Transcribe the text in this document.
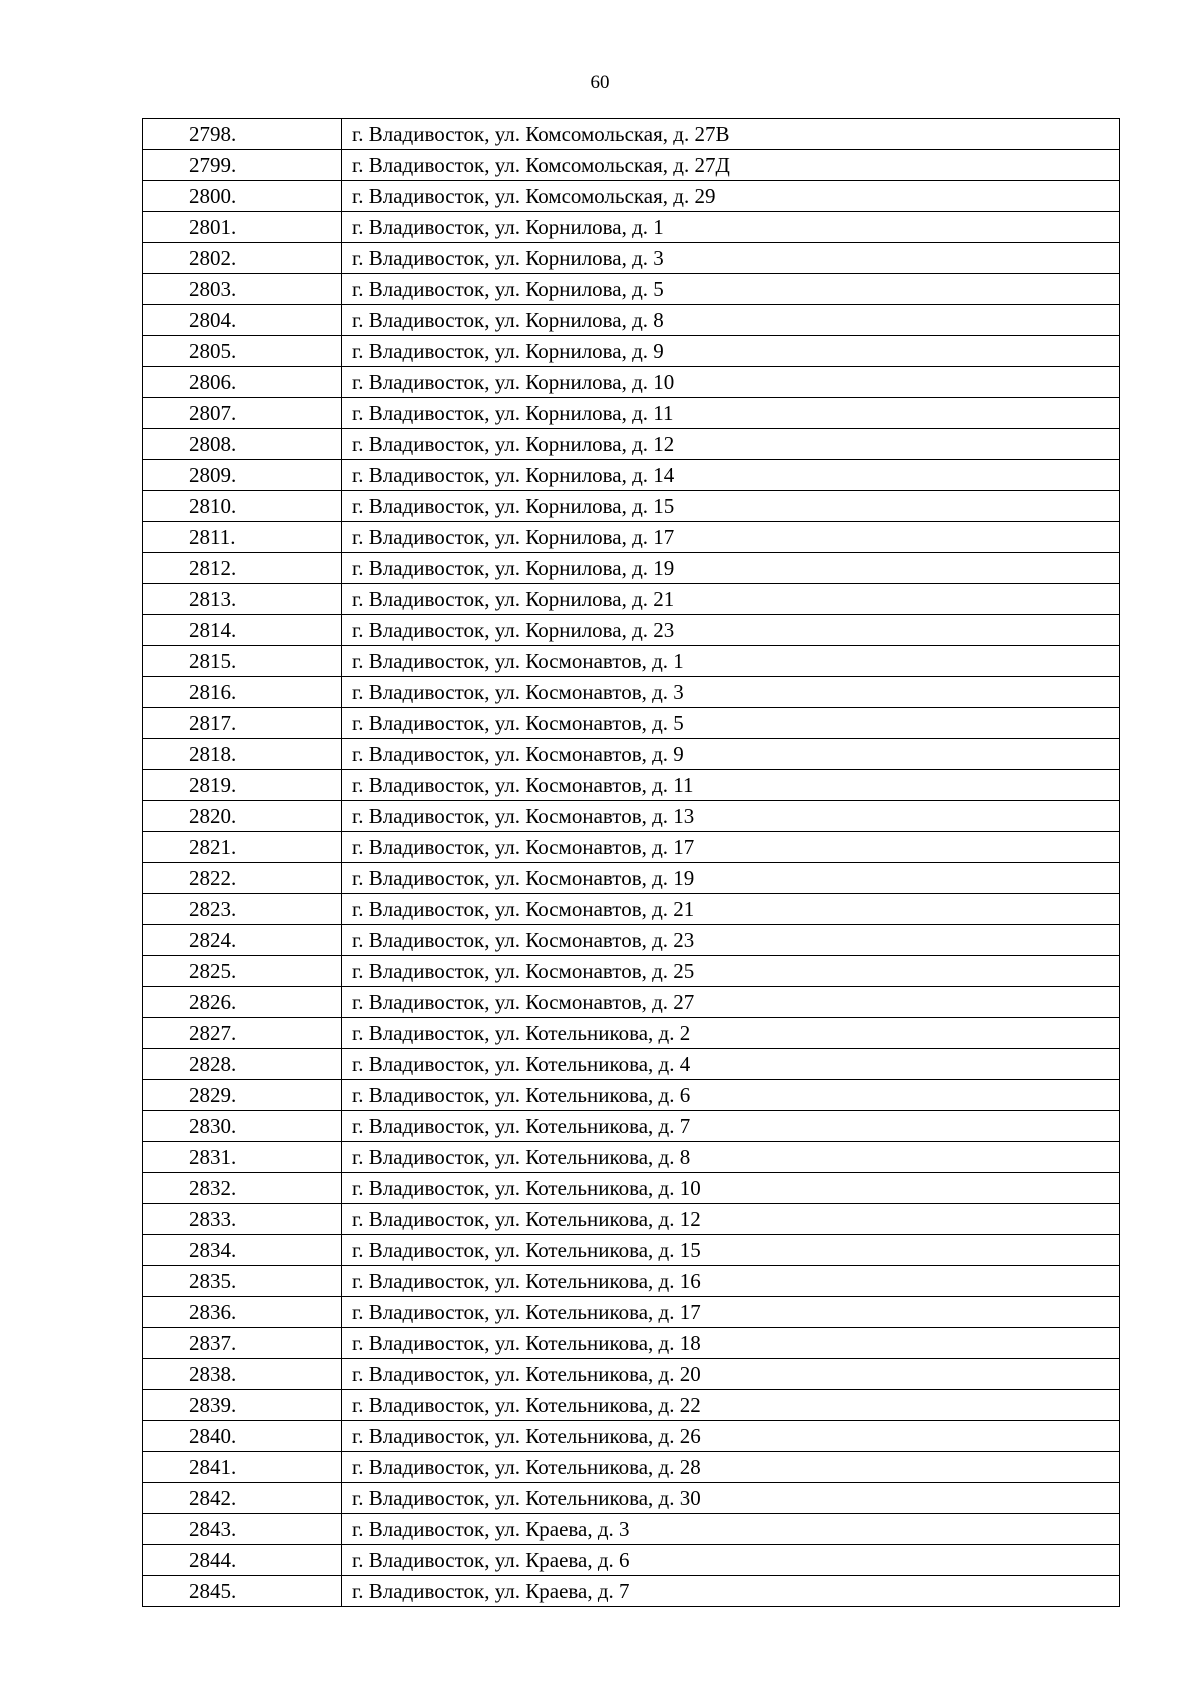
60
2798.	г. Владивосток, ул. Комсомольская, д. 27В
2799.	г. Владивосток, ул. Комсомольская, д. 27Д
2800.	г. Владивосток, ул. Комсомольская, д. 29
2801.	г. Владивосток, ул. Корнилова, д. 1
2802.	г. Владивосток, ул. Корнилова, д. 3
2803.	г. Владивосток, ул. Корнилова, д. 5
2804.	г. Владивосток, ул. Корнилова, д. 8
2805.	г. Владивосток, ул. Корнилова, д. 9
2806.	г. Владивосток, ул. Корнилова, д. 10
2807.	г. Владивосток, ул. Корнилова, д. 11
2808.	г. Владивосток, ул. Корнилова, д. 12
2809.	г. Владивосток, ул. Корнилова, д. 14
2810.	г. Владивосток, ул. Корнилова, д. 15
2811.	г. Владивосток, ул. Корнилова, д. 17
2812.	г. Владивосток, ул. Корнилова, д. 19
2813.	г. Владивосток, ул. Корнилова, д. 21
2814.	г. Владивосток, ул. Корнилова, д. 23
2815.	г. Владивосток, ул. Космонавтов, д. 1
2816.	г. Владивосток, ул. Космонавтов, д. 3
2817.	г. Владивосток, ул. Космонавтов, д. 5
2818.	г. Владивосток, ул. Космонавтов, д. 9
2819.	г. Владивосток, ул. Космонавтов, д. 11
2820.	г. Владивосток, ул. Космонавтов, д. 13
2821.	г. Владивосток, ул. Космонавтов, д. 17
2822.	г. Владивосток, ул. Космонавтов, д. 19
2823.	г. Владивосток, ул. Космонавтов, д. 21
2824.	г. Владивосток, ул. Космонавтов, д. 23
2825.	г. Владивосток, ул. Космонавтов, д. 25
2826.	г. Владивосток, ул. Космонавтов, д. 27
2827.	г. Владивосток, ул. Котельникова, д. 2
2828.	г. Владивосток, ул. Котельникова, д. 4
2829.	г. Владивосток, ул. Котельникова, д. 6
2830.	г. Владивосток, ул. Котельникова, д. 7
2831.	г. Владивосток, ул. Котельникова, д. 8
2832.	г. Владивосток, ул. Котельникова, д. 10
2833.	г. Владивосток, ул. Котельникова, д. 12
2834.	г. Владивосток, ул. Котельникова, д. 15
2835.	г. Владивосток, ул. Котельникова, д. 16
2836.	г. Владивосток, ул. Котельникова, д. 17
2837.	г. Владивосток, ул. Котельникова, д. 18
2838.	г. Владивосток, ул. Котельникова, д. 20
2839.	г. Владивосток, ул. Котельникова, д. 22
2840.	г. Владивосток, ул. Котельникова, д. 26
2841.	г. Владивосток, ул. Котельникова, д. 28
2842.	г. Владивосток, ул. Котельникова, д. 30
2843.	г. Владивосток, ул. Краева, д. 3
2844.	г. Владивосток, ул. Краева, д. 6
2845.	г. Владивосток, ул. Краева, д. 7
